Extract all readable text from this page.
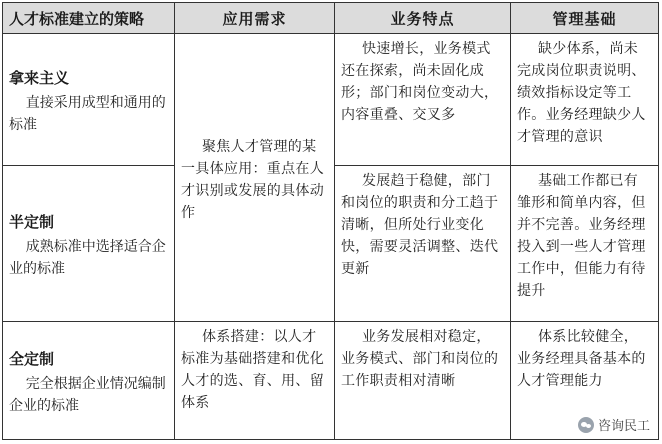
人才标准建立的策略	应用需求	业务特点	管理基础

拿来主义
直接采用成型和通用的标准	聚焦人才管理的某一具体应用：重点在人才识别或发展的具体动作	快速增长，业务模式还在探索，尚未固化成形；部门和岗位变动大，内容重叠、交叉多	缺少体系，尚未完成岗位职责说明、绩效指标设定等工作。业务经理缺少人才管理的意识

半定制
成熟标准中选择适合企业的标准		发展趋于稳健，部门和岗位的职责和分工趋于清晰，但所处行业变化快，需要灵活调整、迭代更新	基础工作都已有雏形和简单内容，但并不完善。业务经理投入到一些人才管理工作中，但能力有待提升

全定制
完全根据企业情况编制企业的标准	体系搭建：以人才标准为基础搭建和优化人才的选、育、用、留体系	业务发展相对稳定，业务模式、部门和岗位的工作职责相对清晰	体系比较健全，业务经理具备基本的人才管理能力
咨询民工
